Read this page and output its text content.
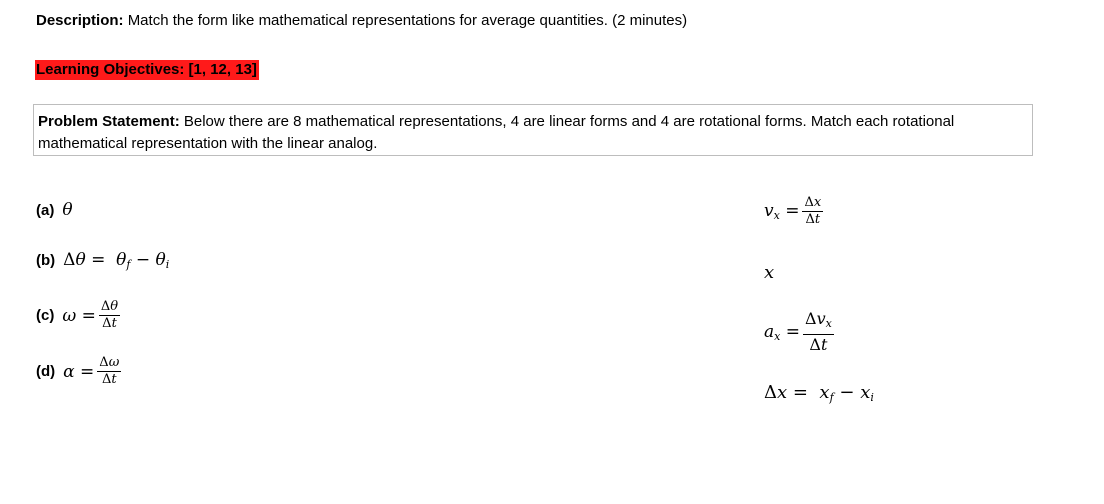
Description: Match the form like mathematical representations for average quantities. (2 minutes)
Learning Objectives: [1, 12, 13]
Problem Statement: Below there are 8 mathematical representations, 4 are linear forms and 4 are rotational forms. Match each rotational mathematical representation with the linear analog.
(a) θ
(b) $\Delta\theta = \theta_f - \theta_i$
(c) $\omega = \frac{\Delta\theta}{\Delta t}$
(d) $\alpha = \frac{\Delta\omega}{\Delta t}$
$v_x = \frac{\Delta x}{\Delta t}$
x
$a_x = \frac{\Delta v_x}{\Delta t}$
$\Delta x = x_f - x_i$
